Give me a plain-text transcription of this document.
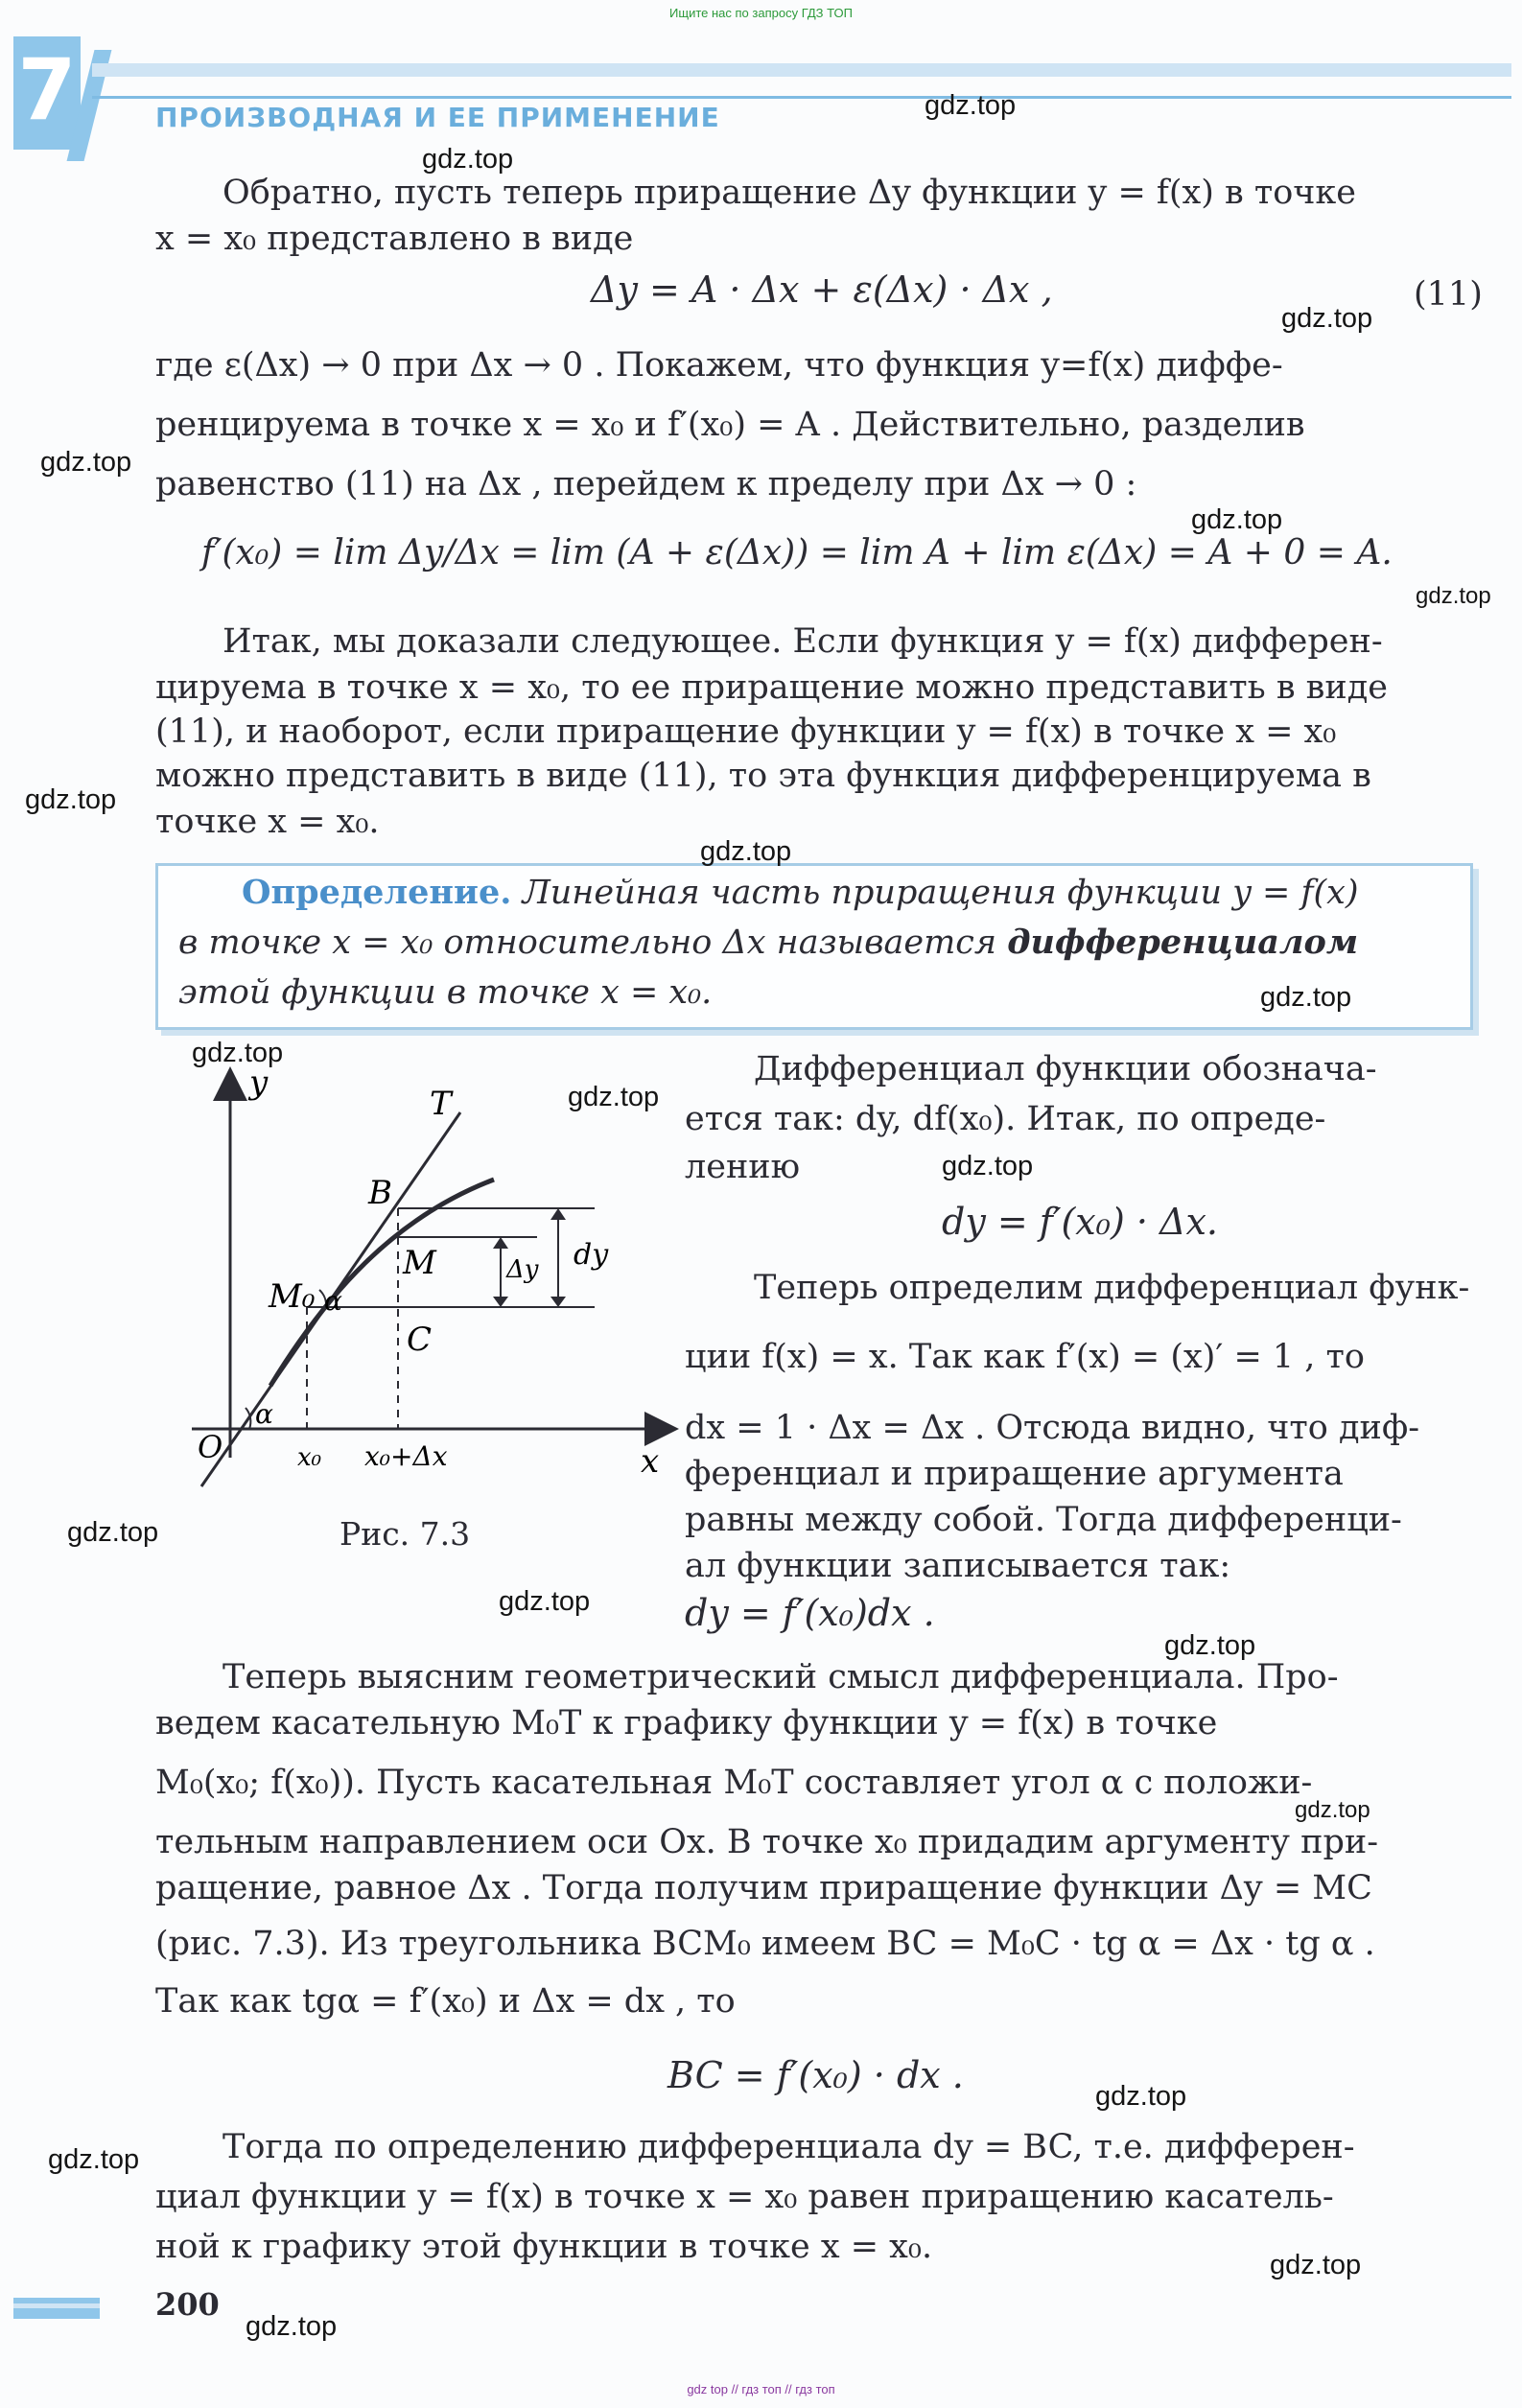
Ищите нас по запросу ГДЗ ТОП
7	ПРОИЗВОДНАЯ И ЕЕ ПРИМЕНЕНИЕ
Обратно, пусть теперь приращение Δy функции y = f(x) в точке
x = x₀ представлено в виде
Δy = A · Δx + ε(Δx) · Δx ,	(11)
где ε(Δx) → 0 при Δx → 0 . Покажем, что функция y=f(x) диффе-
ренцируема в точке x = x₀ и f′(x₀) = A . Действительно, разделив
равенство (11) на Δx , перейдем к пределу при Δx → 0 :
f′(x₀) = lim Δy/Δx = lim (A + ε(Δx)) = lim A + lim ε(Δx) = A + 0 = A.
Итак, мы доказали следующее. Если функция y = f(x) дифферен-
цируема в точке x = x₀, то ее приращение можно представить в виде
(11), и наоборот, если приращение функции y = f(x) в точке x = x₀
можно представить в виде (11), то эта функция дифференцируема в
точке x = x₀.
Определение. Линейная часть приращения функции y = f(x)
в точке x = x₀ относительно Δx называется дифференциалом
этой функции в точке x = x₀.
y
x
O
T
B
M
M₀
C
α
α
x₀ x₀+Δx
dy
Δy
Рис. 7.3
Дифференциал функции обознача-
ется так: dy, df(x₀). Итак, по опреде-
лению
dy = f′(x₀) · Δx.
Теперь определим дифференциал функ-
ции f(x) = x. Так как f′(x) = (x)′ = 1 , то
dx = 1 · Δx = Δx . Отсюда видно, что диф-
ференциал и приращение аргумента
равны между собой. Тогда дифференци-
ал функции записывается так:
dy = f′(x₀)dx .
Теперь выясним геометрический смысл дифференциала. Про-
ведем касательную M₀T к графику функции y = f(x) в точке
M₀(x₀; f(x₀)). Пусть касательная M₀T составляет угол α с положи-
тельным направлением оси Ox. В точке x₀ придадим аргументу при-
ращение, равное Δx . Тогда получим приращение функции Δy = MC
(рис. 7.3). Из треугольника BCM₀ имеем BC = M₀C · tg α = Δx · tg α .
Так как tgα = f′(x₀) и Δx = dx , то
BC = f′(x₀) · dx .
Тогда по определению дифференциала dy = BC, т.е. дифферен-
циал функции y = f(x) в точке x = x₀ равен приращению касатель-
ной к графику этой функции в точке x = x₀.
200
gdz top // гдз топ // гдз топ
gdz.top
gdz.top
gdz.top
gdz.top
gdz.top
gdz.top
gdz.top
gdz.top
gdz.top
gdz.top
gdz.top
gdz.top
gdz.top
gdz.top
gdz.top
gdz.top
gdz.top
gdz.top
gdz.top
gdz.top
